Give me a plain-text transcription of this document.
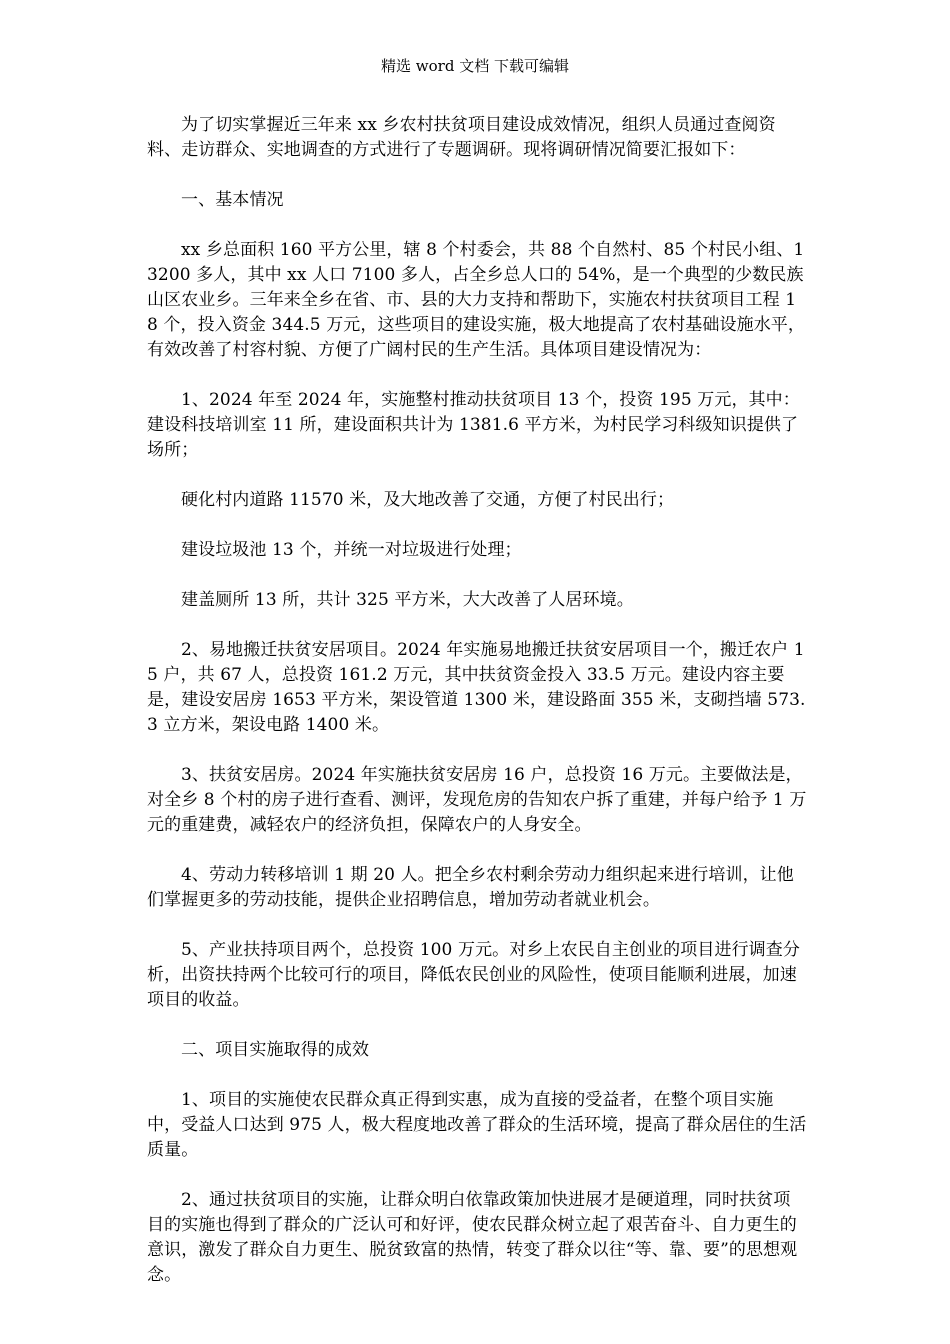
精选 word 文档 下载可编辑

为了切实掌握近三年来 xx 乡农村扶贫项目建设成效情况，组织人员通过查阅资料、走访群众、实地调查的方式进行了专题调研。现将调研情况简要汇报如下：

一、基本情况

xx 乡总面积 160 平方公里，辖 8 个村委会，共 88 个自然村、85 个村民小组、13200 多人，其中 xx 人口 7100 多人，占全乡总人口的 54%，是一个典型的少数民族山区农业乡。三年来全乡在省、市、县的大力支持和帮助下，实施农村扶贫项目工程 18 个，投入资金 344.5 万元，这些项目的建设实施，极大地提高了农村基础设施水平，有效改善了村容村貌、方便了广阔村民的生产生活。具体项目建设情况为：

1、2024 年至 2024 年，实施整村推动扶贫项目 13 个，投资 195 万元，其中：建设科技培训室 11 所，建设面积共计为 1381.6 平方米，为村民学习科级知识提供了场所；

硬化村内道路 11570 米，及大地改善了交通，方便了村民出行；

建设垃圾池 13 个，并统一对垃圾进行处理；

建盖厕所 13 所，共计 325 平方米，大大改善了人居环境。

2、易地搬迁扶贫安居项目。2024 年实施易地搬迁扶贫安居项目一个，搬迁农户 15 户，共 67 人，总投资 161.2 万元，其中扶贫资金投入 33.5 万元。建设内容主要是，建设安居房 1653 平方米，架设管道 1300 米，建设路面 355 米，支砌挡墙 573.3 立方米，架设电路 1400 米。

3、扶贫安居房。2024 年实施扶贫安居房 16 户，总投资 16 万元。主要做法是，对全乡 8 个村的房子进行查看、测评，发现危房的告知农户拆了重建，并每户给予 1 万元的重建费，减轻农户的经济负担，保障农户的人身安全。

4、劳动力转移培训 1 期 20 人。把全乡农村剩余劳动力组织起来进行培训，让他们掌握更多的劳动技能，提供企业招聘信息，增加劳动者就业机会。

5、产业扶持项目两个，总投资 100 万元。对乡上农民自主创业的项目进行调查分析，出资扶持两个比较可行的项目，降低农民创业的风险性，使项目能顺利进展，加速项目的收益。

二、项目实施取得的成效

1、项目的实施使农民群众真正得到实惠，成为直接的受益者，在整个项目实施中，受益人口达到 975 人，极大程度地改善了群众的生活环境，提高了群众居住的生活质量。

2、通过扶贫项目的实施，让群众明白依靠政策加快进展才是硬道理，同时扶贫项目的实施也得到了群众的广泛认可和好评，使农民群众树立起了艰苦奋斗、自力更生的意识，激发了群众自力更生、脱贫致富的热情，转变了群众以往“等、靠、要”的思想观念。
